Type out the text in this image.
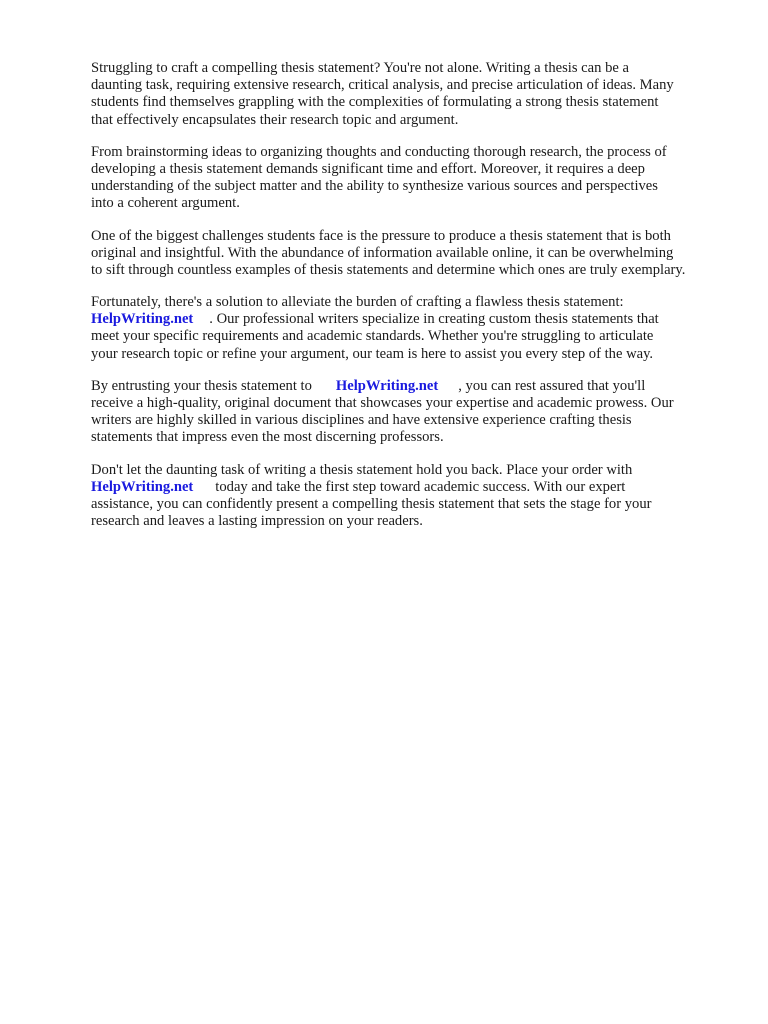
Struggling to craft a compelling thesis statement? You're not alone. Writing a thesis can be a
daunting task, requiring extensive research, critical analysis, and precise articulation of ideas. Many
students find themselves grappling with the complexities of formulating a strong thesis statement
that effectively encapsulates their research topic and argument.

From brainstorming ideas to organizing thoughts and conducting thorough research, the process of
developing a thesis statement demands significant time and effort. Moreover, it requires a deep
understanding of the subject matter and the ability to synthesize various sources and perspectives
into a coherent argument.

One of the biggest challenges students face is the pressure to produce a thesis statement that is both
original and insightful. With the abundance of information available online, it can be overwhelming
to sift through countless examples of thesis statements and determine which ones are truly exemplary.

Fortunately, there's a solution to alleviate the burden of crafting a flawless thesis statement:
HelpWriting.net . Our professional writers specialize in creating custom thesis statements that
meet your specific requirements and academic standards. Whether you're struggling to articulate
your research topic or refine your argument, our team is here to assist you every step of the way.

By entrusting your thesis statement to HelpWriting.net , you can rest assured that you'll
receive a high-quality, original document that showcases your expertise and academic prowess. Our
writers are highly skilled in various disciplines and have extensive experience crafting thesis
statements that impress even the most discerning professors.

Don't let the daunting task of writing a thesis statement hold you back. Place your order with
HelpWriting.net today and take the first step toward academic success. With our expert
assistance, you can confidently present a compelling thesis statement that sets the stage for your
research and leaves a lasting impression on your readers.
